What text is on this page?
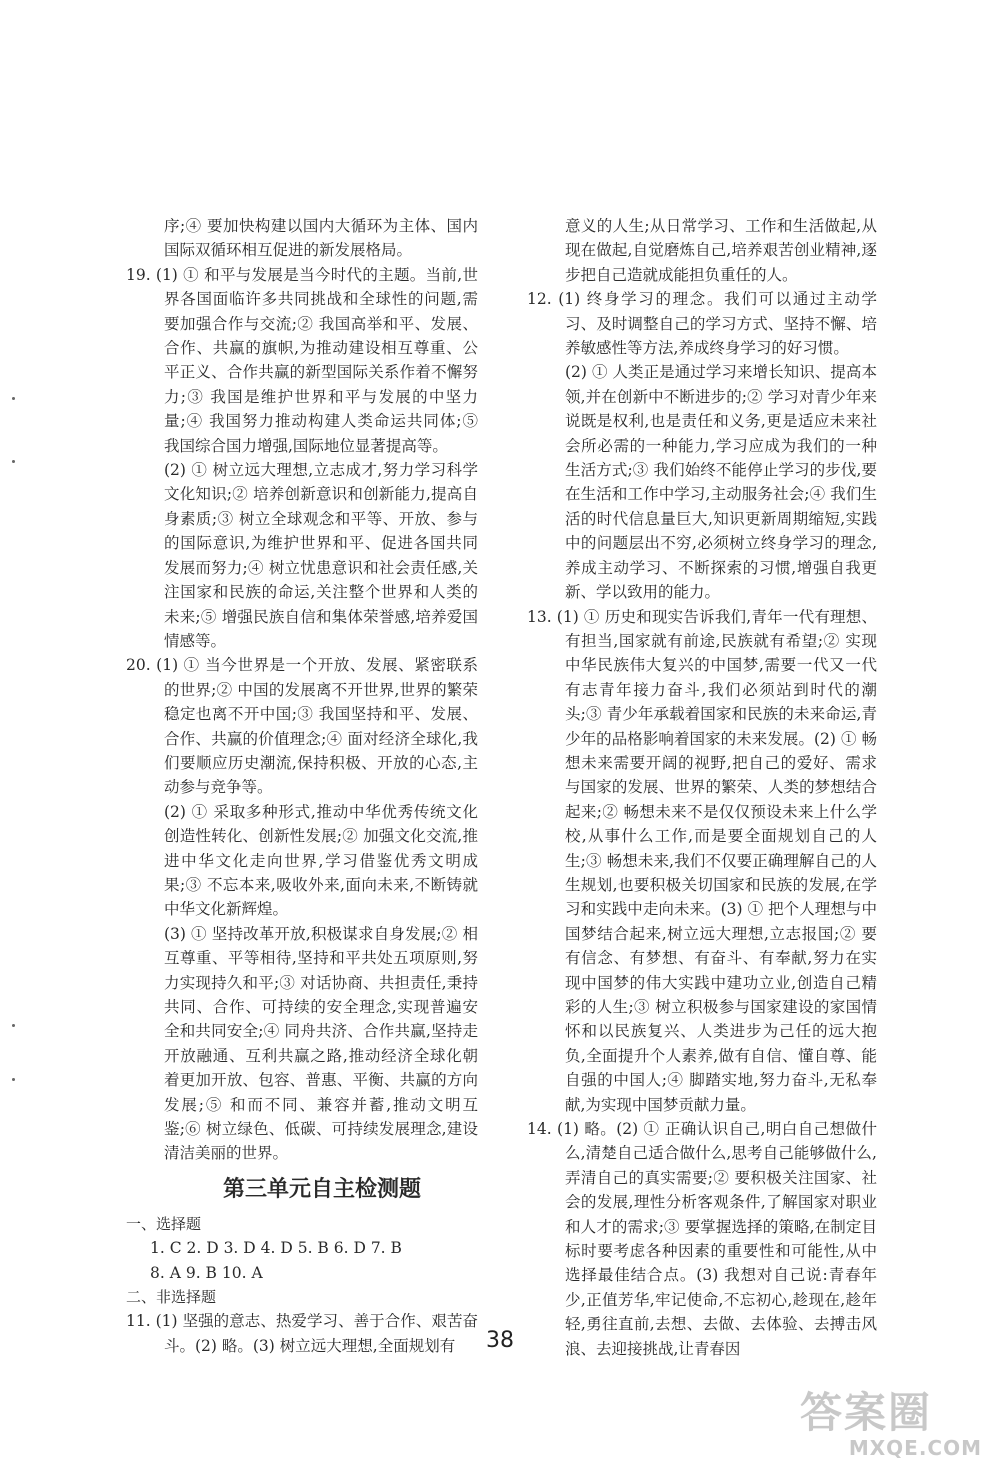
序;④ 要加快构建以国内大循环为主体、国内国际双循环相互促进的新发展格局。

19. (1) ① 和平与发展是当今时代的主题。当前,世界各国面临许多共同挑战和全球性的问题,需要加强合作与交流;② 我国高举和平、发展、合作、共赢的旗帜,为推动建设相互尊重、公平正义、合作共赢的新型国际关系作着不懈努力;③ 我国是维护世界和平与发展的中坚力量;④ 我国努力推动构建人类命运共同体;⑤ 我国综合国力增强,国际地位显著提高等。

(2) ① 树立远大理想,立志成才,努力学习科学文化知识;② 培养创新意识和创新能力,提高自身素质;③ 树立全球观念和平等、开放、参与的国际意识,为维护世界和平、促进各国共同发展而努力;④ 树立忧患意识和社会责任感,关注国家和民族的命运,关注整个世界和人类的未来;⑤ 增强民族自信和集体荣誉感,培养爱国情感等。

20. (1) ① 当今世界是一个开放、发展、紧密联系的世界;② 中国的发展离不开世界,世界的繁荣稳定也离不开中国;③ 我国坚持和平、发展、合作、共赢的价值理念;④ 面对经济全球化,我们要顺应历史潮流,保持积极、开放的心态,主动参与竞争等。

(2) ① 采取多种形式,推动中华优秀传统文化创造性转化、创新性发展;② 加强文化交流,推进中华文化走向世界,学习借鉴优秀文明成果;③ 不忘本来,吸收外来,面向未来,不断铸就中华文化新辉煌。

(3) ① 坚持改革开放,积极谋求自身发展;② 相互尊重、平等相待,坚持和平共处五项原则,努力实现持久和平;③ 对话协商、共担责任,秉持共同、合作、可持续的安全理念,实现普遍安全和共同安全;④ 同舟共济、合作共赢,坚持走开放融通、互利共赢之路,推动经济全球化朝着更加开放、包容、普惠、平衡、共赢的方向发展;⑤ 和而不同、兼容并蓄,推动文明互鉴;⑥ 树立绿色、低碳、可持续发展理念,建设清洁美丽的世界。

第三单元自主检测题

一、选择题

1. C 2. D 3. D 4. D 5. B 6. D 7. B

8. A 9. B 10. A

二、非选择题

11. (1) 坚强的意志、热爱学习、善于合作、艰苦奋斗。(2) 略。(3) 树立远大理想,全面规划有

意义的人生;从日常学习、工作和生活做起,从现在做起,自觉磨炼自己,培养艰苦创业精神,逐步把自己造就成能担负重任的人。

12. (1) 终身学习的理念。我们可以通过主动学习、及时调整自己的学习方式、坚持不懈、培养敏感性等方法,养成终身学习的好习惯。

(2) ① 人类正是通过学习来增长知识、提高本领,并在创新中不断进步的;② 学习对青少年来说既是权利,也是责任和义务,更是适应未来社会所必需的一种能力,学习应成为我们的一种生活方式;③ 我们始终不能停止学习的步伐,要在生活和工作中学习,主动服务社会;④ 我们生活的时代信息量巨大,知识更新周期缩短,实践中的问题层出不穷,必须树立终身学习的理念,养成主动学习、不断探索的习惯,增强自我更新、学以致用的能力。

13. (1) ① 历史和现实告诉我们,青年一代有理想、有担当,国家就有前途,民族就有希望;② 实现中华民族伟大复兴的中国梦,需要一代又一代有志青年接力奋斗,我们必须站到时代的潮头;③ 青少年承载着国家和民族的未来命运,青少年的品格影响着国家的未来发展。(2) ① 畅想未来需要开阔的视野,把自己的爱好、需求与国家的发展、世界的繁荣、人类的梦想结合起来;② 畅想未来不是仅仅预设未来上什么学校,从事什么工作,而是要全面规划自己的人生;③ 畅想未来,我们不仅要正确理解自己的人生规划,也要积极关切国家和民族的发展,在学习和实践中走向未来。(3) ① 把个人理想与中国梦结合起来,树立远大理想,立志报国;② 要有信念、有梦想、有奋斗、有奉献,努力在实现中国梦的伟大实践中建功立业,创造自己精彩的人生;③ 树立积极参与国家建设的家国情怀和以民族复兴、人类进步为己任的远大抱负,全面提升个人素养,做有自信、懂自尊、能自强的中国人;④ 脚踏实地,努力奋斗,无私奉献,为实现中国梦贡献力量。

14. (1) 略。(2) ① 正确认识自己,明白自己想做什么,清楚自己适合做什么,思考自己能够做什么,弄清自己的真实需要;② 要积极关注国家、社会的发展,理性分析客观条件,了解国家对职业和人才的需求;③ 要掌握选择的策略,在制定目标时要考虑各种因素的重要性和可能性,从中选择最佳结合点。(3) 我想对自己说:青春年少,正值芳华,牢记使命,不忘初心,趁现在,趁年轻,勇往直前,去想、去做、去体验、去搏击风浪、去迎接挑战,让青春因

38
答案圈
MXQE.COM
